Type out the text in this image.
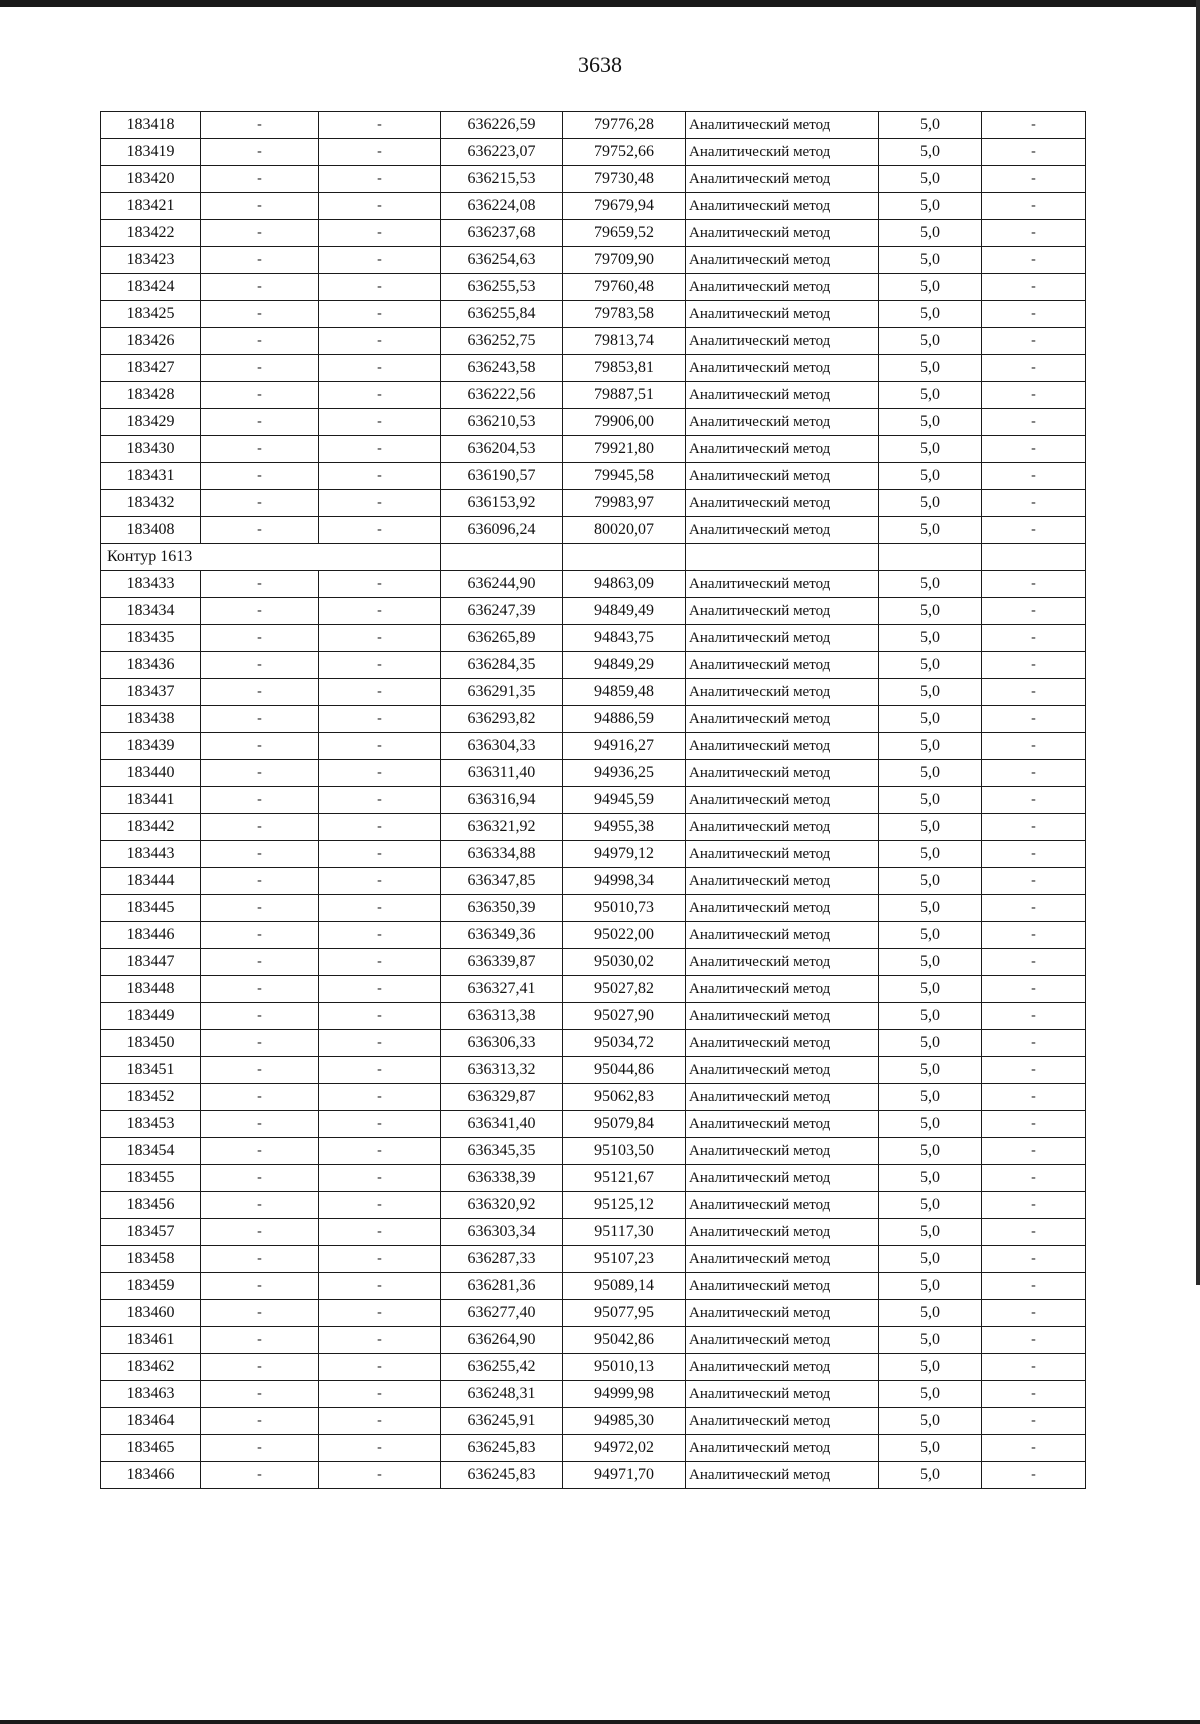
3638
183418	-	-	636226,59	79776,28	Аналитический метод	5,0	-
183419	-	-	636223,07	79752,66	Аналитический метод	5,0	-
183420	-	-	636215,53	79730,48	Аналитический метод	5,0	-
183421	-	-	636224,08	79679,94	Аналитический метод	5,0	-
183422	-	-	636237,68	79659,52	Аналитический метод	5,0	-
183423	-	-	636254,63	79709,90	Аналитический метод	5,0	-
183424	-	-	636255,53	79760,48	Аналитический метод	5,0	-
183425	-	-	636255,84	79783,58	Аналитический метод	5,0	-
183426	-	-	636252,75	79813,74	Аналитический метод	5,0	-
183427	-	-	636243,58	79853,81	Аналитический метод	5,0	-
183428	-	-	636222,56	79887,51	Аналитический метод	5,0	-
183429	-	-	636210,53	79906,00	Аналитический метод	5,0	-
183430	-	-	636204,53	79921,80	Аналитический метод	5,0	-
183431	-	-	636190,57	79945,58	Аналитический метод	5,0	-
183432	-	-	636153,92	79983,97	Аналитический метод	5,0	-
183408	-	-	636096,24	80020,07	Аналитический метод	5,0	-
Контур 1613							
183433	-	-	636244,90	94863,09	Аналитический метод	5,0	-
183434	-	-	636247,39	94849,49	Аналитический метод	5,0	-
183435	-	-	636265,89	94843,75	Аналитический метод	5,0	-
183436	-	-	636284,35	94849,29	Аналитический метод	5,0	-
183437	-	-	636291,35	94859,48	Аналитический метод	5,0	-
183438	-	-	636293,82	94886,59	Аналитический метод	5,0	-
183439	-	-	636304,33	94916,27	Аналитический метод	5,0	-
183440	-	-	636311,40	94936,25	Аналитический метод	5,0	-
183441	-	-	636316,94	94945,59	Аналитический метод	5,0	-
183442	-	-	636321,92	94955,38	Аналитический метод	5,0	-
183443	-	-	636334,88	94979,12	Аналитический метод	5,0	-
183444	-	-	636347,85	94998,34	Аналитический метод	5,0	-
183445	-	-	636350,39	95010,73	Аналитический метод	5,0	-
183446	-	-	636349,36	95022,00	Аналитический метод	5,0	-
183447	-	-	636339,87	95030,02	Аналитический метод	5,0	-
183448	-	-	636327,41	95027,82	Аналитический метод	5,0	-
183449	-	-	636313,38	95027,90	Аналитический метод	5,0	-
183450	-	-	636306,33	95034,72	Аналитический метод	5,0	-
183451	-	-	636313,32	95044,86	Аналитический метод	5,0	-
183452	-	-	636329,87	95062,83	Аналитический метод	5,0	-
183453	-	-	636341,40	95079,84	Аналитический метод	5,0	-
183454	-	-	636345,35	95103,50	Аналитический метод	5,0	-
183455	-	-	636338,39	95121,67	Аналитический метод	5,0	-
183456	-	-	636320,92	95125,12	Аналитический метод	5,0	-
183457	-	-	636303,34	95117,30	Аналитический метод	5,0	-
183458	-	-	636287,33	95107,23	Аналитический метод	5,0	-
183459	-	-	636281,36	95089,14	Аналитический метод	5,0	-
183460	-	-	636277,40	95077,95	Аналитический метод	5,0	-
183461	-	-	636264,90	95042,86	Аналитический метод	5,0	-
183462	-	-	636255,42	95010,13	Аналитический метод	5,0	-
183463	-	-	636248,31	94999,98	Аналитический метод	5,0	-
183464	-	-	636245,91	94985,30	Аналитический метод	5,0	-
183465	-	-	636245,83	94972,02	Аналитический метод	5,0	-
183466	-	-	636245,83	94971,70	Аналитический метод	5,0	-
